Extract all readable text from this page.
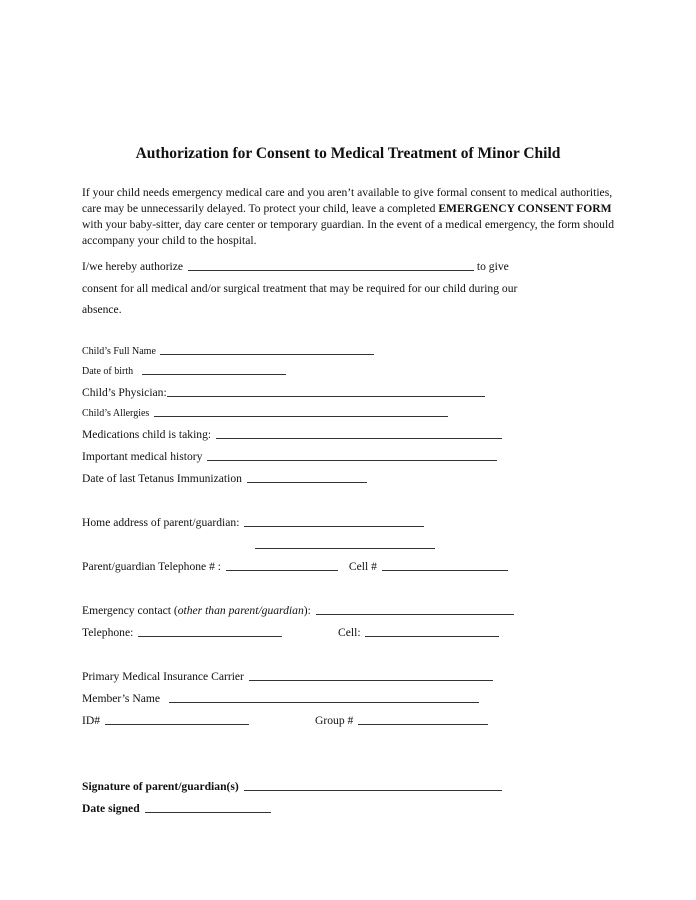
Authorization for Consent to Medical Treatment of Minor Child
If your child needs emergency medical care and you aren’t available to give formal consent to medical authorities, care may be unnecessarily delayed. To protect your child, leave a completed EMERGENCY CONSENT FORM with your baby-sitter, day care center or temporary guardian. In the event of a medical emergency, the form should accompany your child to the hospital.
I/we hereby authorize	to give
consent for all medical and/or surgical treatment that may be required for our child during our
absence.
Child’s Full Name
Date of birth
Child’s Physician:
Child’s Allergies
Medications child is taking:
Important medical history
Date of last Tetanus Immunization
Home address of parent/guardian:
Parent/guardian Telephone # :	Cell #
Emergency contact (other than parent/guardian):
Telephone:	Cell:
Primary Medical Insurance Carrier
Member’s Name
ID#	Group #
Signature of parent/guardian(s)
Date signed
